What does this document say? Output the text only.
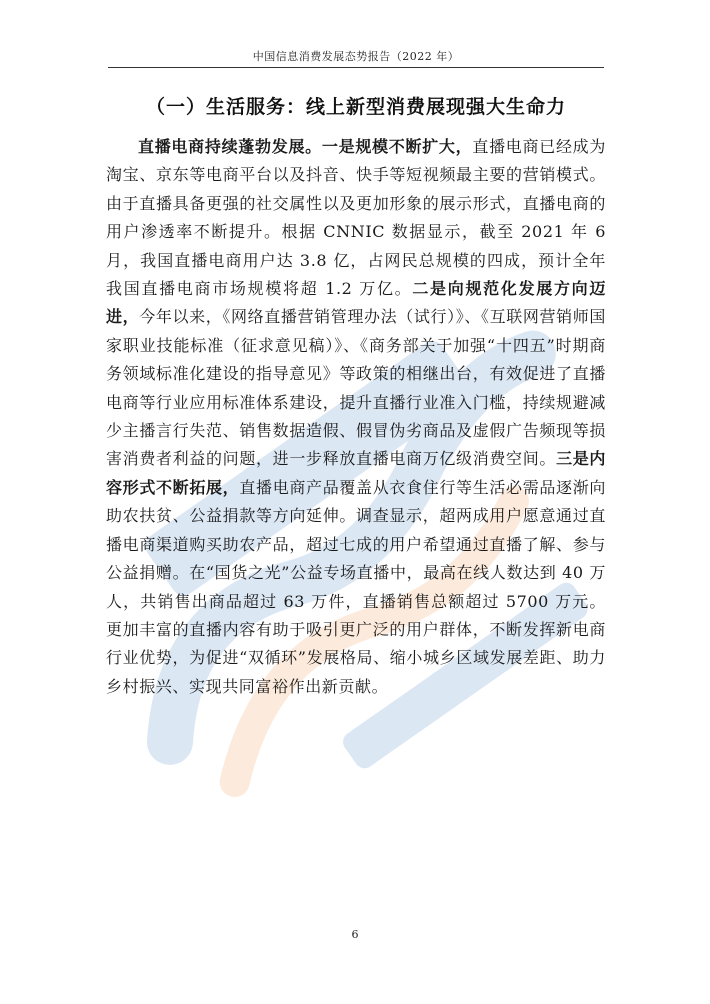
中国信息消费发展态势报告（2022 年）
（一）生活服务：线上新型消费展现强大生命力

直播电商持续蓬勃发展。一是规模不断扩大，直播电商已经成为淘宝、京东等电商平台以及抖音、快手等短视频最主要的营销模式。由于直播具备更强的社交属性以及更加形象的展示形式，直播电商的用户渗透率不断提升。根据 CNNIC 数据显示，截至 2021 年 6 月，我国直播电商用户达 3.8 亿，占网民总规模的四成，预计全年我国直播电商市场规模将超 1.2 万亿。二是向规范化发展方向迈进，今年以来，《网络直播营销管理办法（试行）》、《互联网营销师国家职业技能标准（征求意见稿）》、《商务部关于加强“十四五”时期商务领域标准化建设的指导意见》等政策的相继出台，有效促进了直播电商等行业应用标准体系建设，提升直播行业准入门槛，持续规避减少主播言行失范、销售数据造假、假冒伪劣商品及虚假广告频现等损害消费者利益的问题，进一步释放直播电商万亿级消费空间。三是内容形式不断拓展，直播电商产品覆盖从衣食住行等生活必需品逐渐向助农扶贫、公益捐款等方向延伸。调查显示，超两成用户愿意通过直播电商渠道购买助农产品，超过七成的用户希望通过直播了解、参与公益捐赠。在“国货之光”公益专场直播中，最高在线人数达到 40 万人，共销售出商品超过 63 万件，直播销售总额超过 5700 万元。更加丰富的直播内容有助于吸引更广泛的用户群体，不断发挥新电商行业优势，为促进“双循环”发展格局、缩小城乡区域发展差距、助力乡村振兴、实现共同富裕作出新贡献。

6
